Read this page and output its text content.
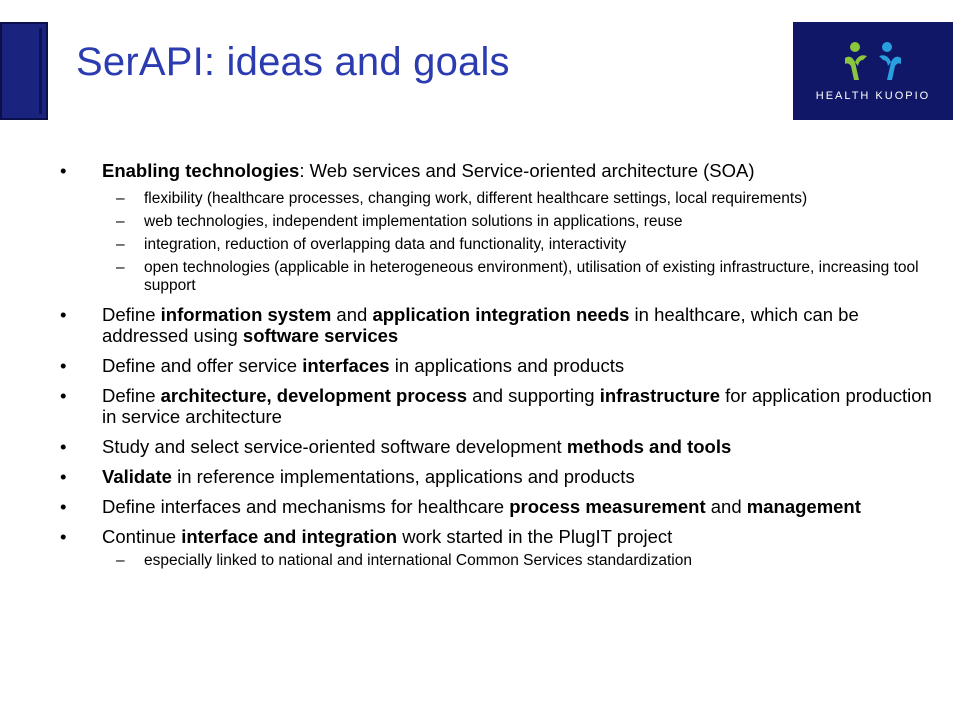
SerAPI: ideas and goals
HEALTH KUOPIO
• Enabling technologies: Web services and Service-oriented architecture (SOA)
– flexibility (healthcare processes, changing work, different healthcare settings, local requirements)
– web technologies, independent implementation solutions in applications, reuse
– integration, reduction of overlapping data and functionality, interactivity
– open technologies (applicable in heterogeneous environment), utilisation of existing infrastructure, increasing tool support
• Define information system and application integration needs in healthcare, which can be addressed using software services
• Define and offer service interfaces in applications and products
• Define architecture, development process and supporting infrastructure for application production in service architecture
• Study and select service-oriented software development methods and tools
• Validate in reference implementations, applications and products
• Define interfaces and mechanisms for healthcare process measurement and management
• Continue interface and integration work started in the PlugIT project
– especially linked to national and international Common Services standardization
